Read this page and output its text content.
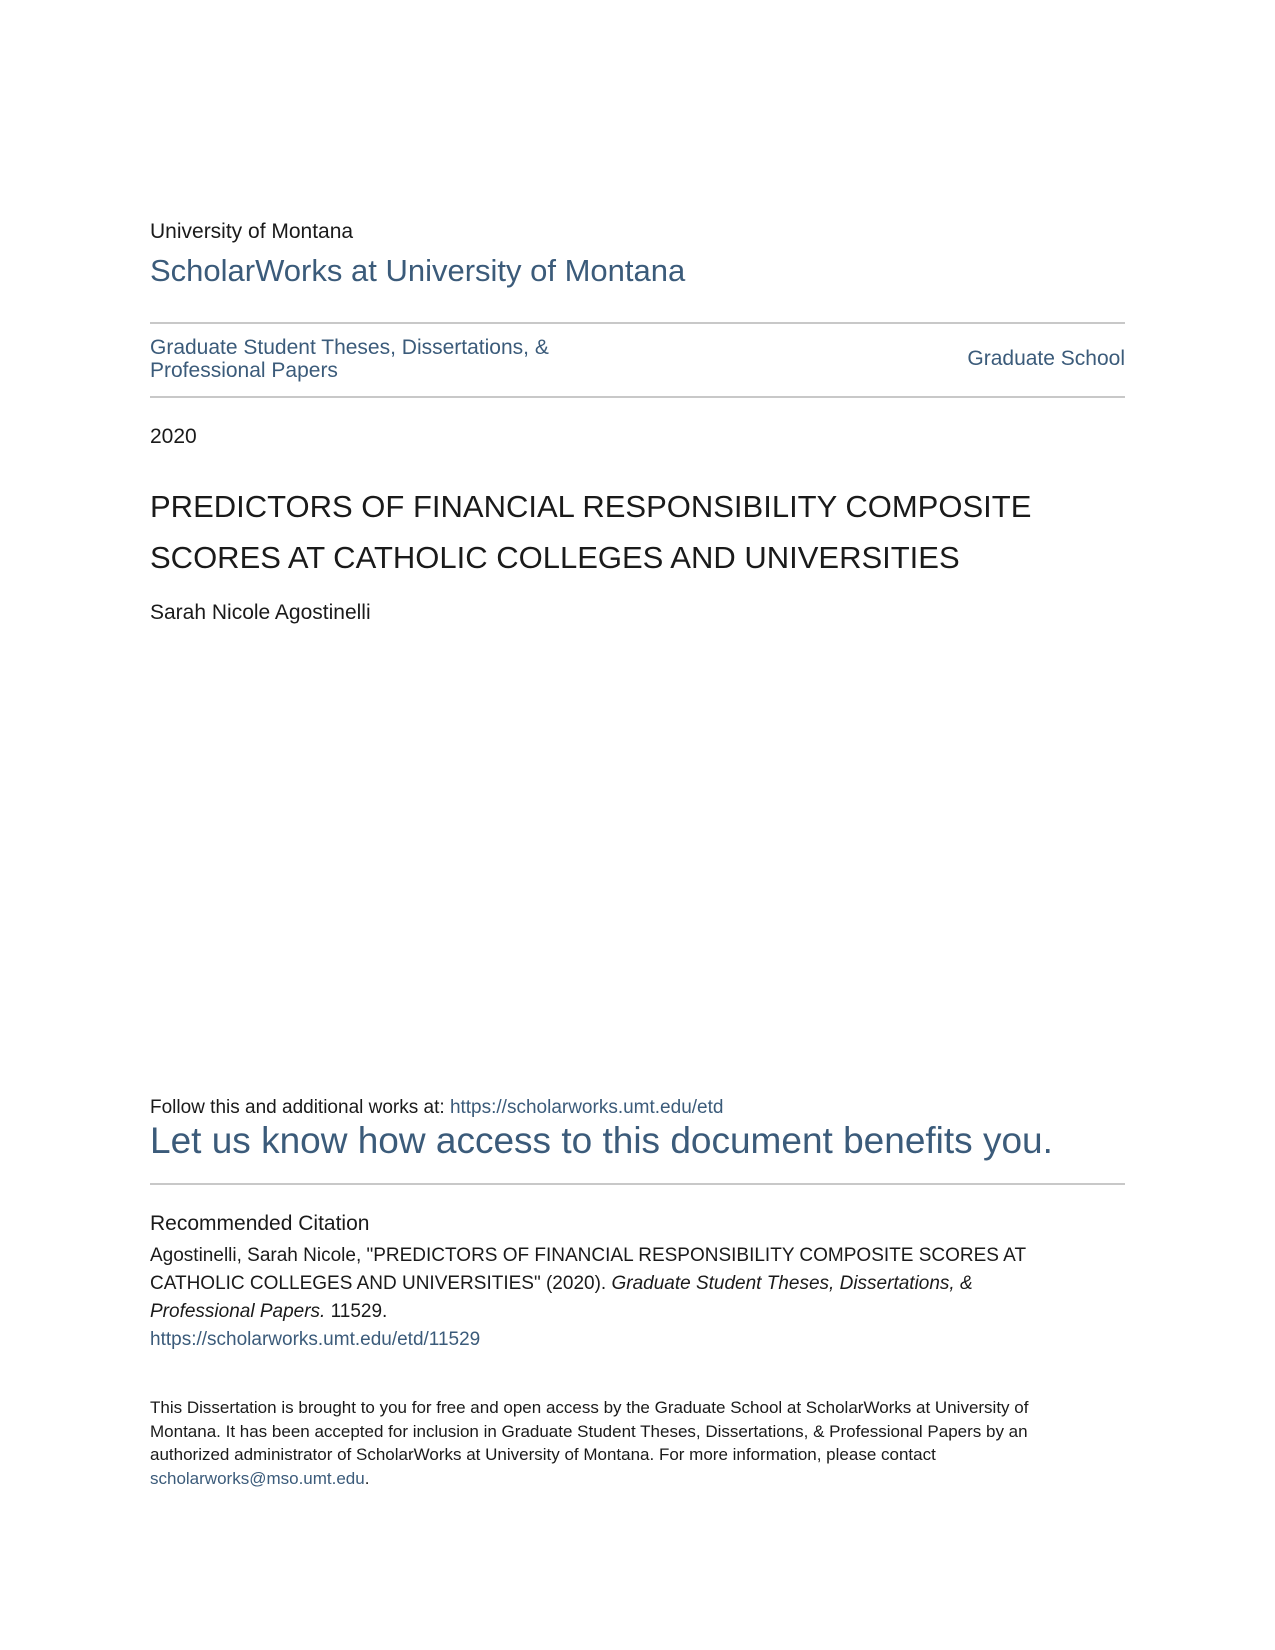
University of Montana
ScholarWorks at University of Montana
Graduate Student Theses, Dissertations, & Professional Papers
Graduate School
2020
PREDICTORS OF FINANCIAL RESPONSIBILITY COMPOSITE SCORES AT CATHOLIC COLLEGES AND UNIVERSITIES
Sarah Nicole Agostinelli
Follow this and additional works at: https://scholarworks.umt.edu/etd
Let us know how access to this document benefits you.
Recommended Citation
Agostinelli, Sarah Nicole, "PREDICTORS OF FINANCIAL RESPONSIBILITY COMPOSITE SCORES AT CATHOLIC COLLEGES AND UNIVERSITIES" (2020). Graduate Student Theses, Dissertations, & Professional Papers. 11529.
https://scholarworks.umt.edu/etd/11529
This Dissertation is brought to you for free and open access by the Graduate School at ScholarWorks at University of Montana. It has been accepted for inclusion in Graduate Student Theses, Dissertations, & Professional Papers by an authorized administrator of ScholarWorks at University of Montana. For more information, please contact scholarworks@mso.umt.edu.
